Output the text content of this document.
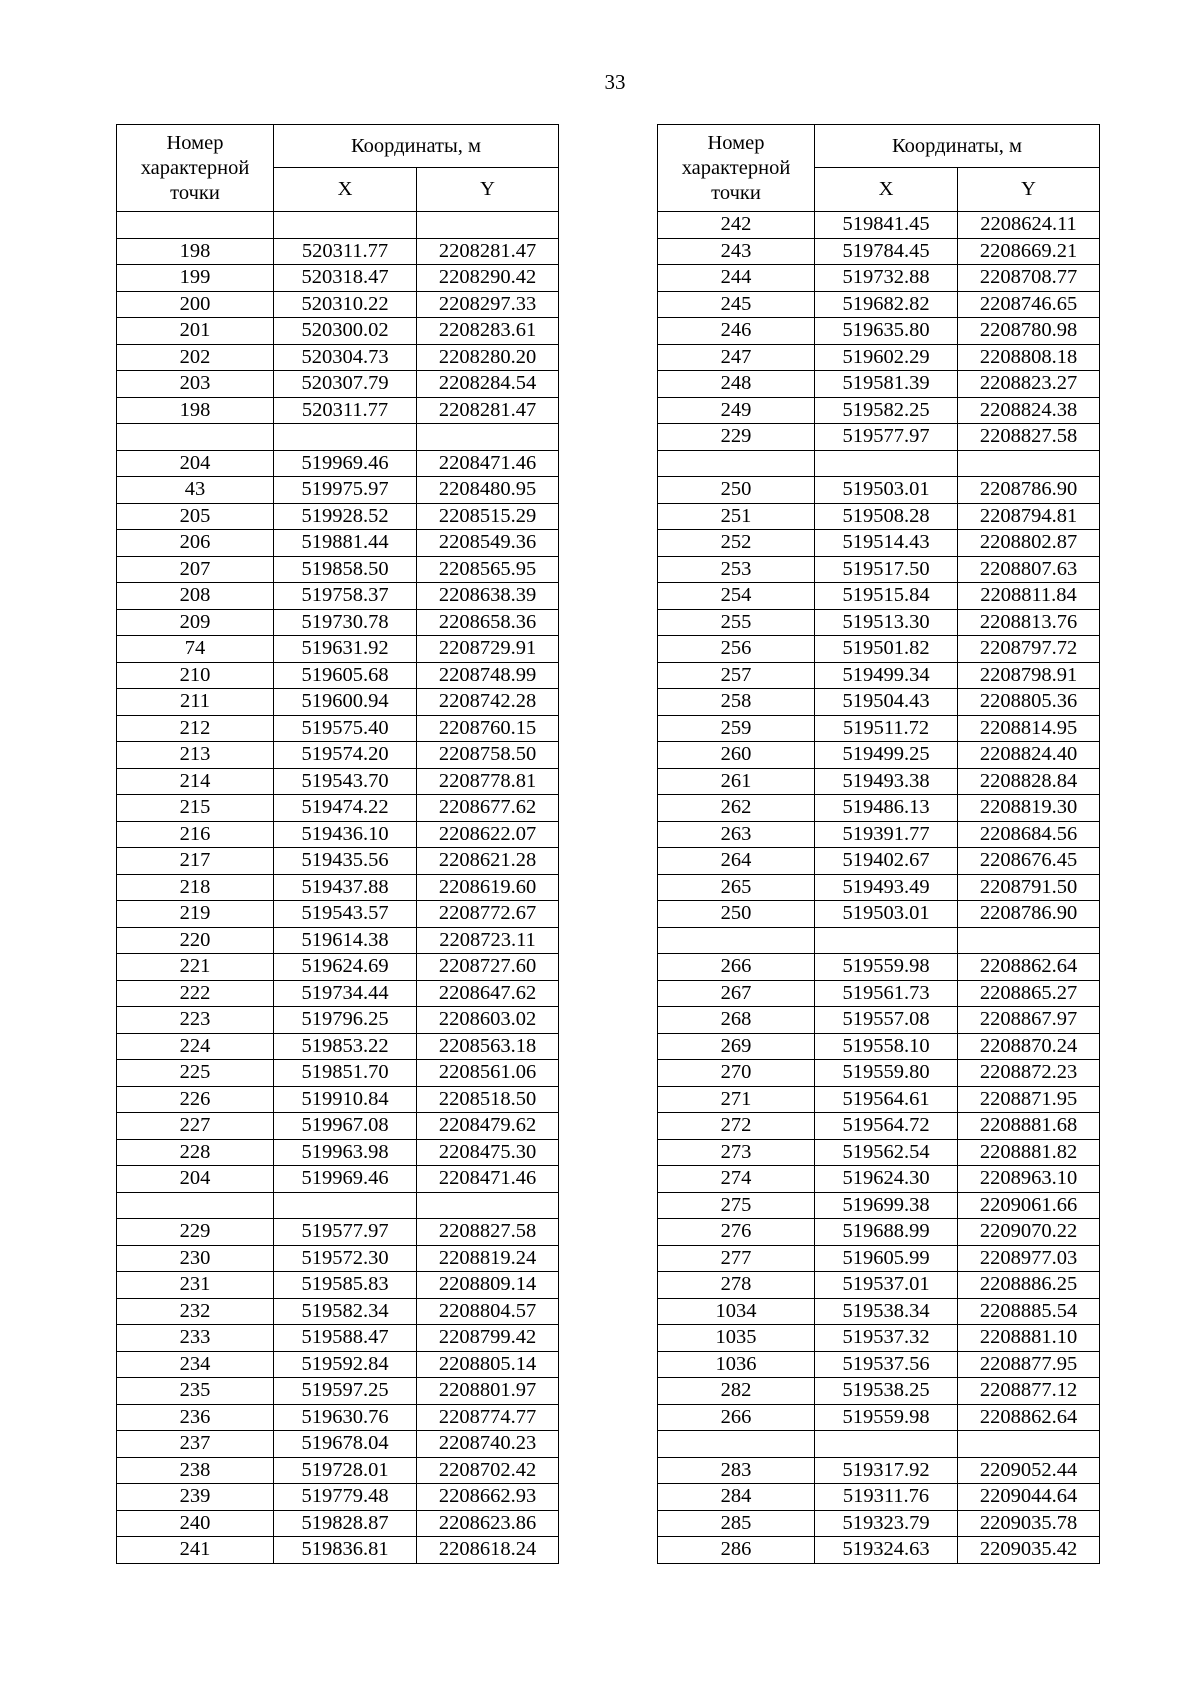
33
Номер
характерной
точки	Координаты, м	
	X	Y

198	520311.77	2208281.47
199	520318.47	2208290.42
200	520310.22	2208297.33
201	520300.02	2208283.61
202	520304.73	2208280.20
203	520307.79	2208284.54
198	520311.77	2208281.47

204	519969.46	2208471.46
43	519975.97	2208480.95
205	519928.52	2208515.29
206	519881.44	2208549.36
207	519858.50	2208565.95
208	519758.37	2208638.39
209	519730.78	2208658.36
74	519631.92	2208729.91
210	519605.68	2208748.99
211	519600.94	2208742.28
212	519575.40	2208760.15
213	519574.20	2208758.50
214	519543.70	2208778.81
215	519474.22	2208677.62
216	519436.10	2208622.07
217	519435.56	2208621.28
218	519437.88	2208619.60
219	519543.57	2208772.67
220	519614.38	2208723.11
221	519624.69	2208727.60
222	519734.44	2208647.62
223	519796.25	2208603.02
224	519853.22	2208563.18
225	519851.70	2208561.06
226	519910.84	2208518.50
227	519967.08	2208479.62
228	519963.98	2208475.30
204	519969.46	2208471.46

229	519577.97	2208827.58
230	519572.30	2208819.24
231	519585.83	2208809.14
232	519582.34	2208804.57
233	519588.47	2208799.42
234	519592.84	2208805.14
235	519597.25	2208801.97
236	519630.76	2208774.77
237	519678.04	2208740.23
238	519728.01	2208702.42
239	519779.48	2208662.93
240	519828.87	2208623.86
241	519836.81	2208618.24
Номер
характерной
точки	Координаты, м	
	X	Y
242	519841.45	2208624.11
243	519784.45	2208669.21
244	519732.88	2208708.77
245	519682.82	2208746.65
246	519635.80	2208780.98
247	519602.29	2208808.18
248	519581.39	2208823.27
249	519582.25	2208824.38
229	519577.97	2208827.58

250	519503.01	2208786.90
251	519508.28	2208794.81
252	519514.43	2208802.87
253	519517.50	2208807.63
254	519515.84	2208811.84
255	519513.30	2208813.76
256	519501.82	2208797.72
257	519499.34	2208798.91
258	519504.43	2208805.36
259	519511.72	2208814.95
260	519499.25	2208824.40
261	519493.38	2208828.84
262	519486.13	2208819.30
263	519391.77	2208684.56
264	519402.67	2208676.45
265	519493.49	2208791.50
250	519503.01	2208786.90

266	519559.98	2208862.64
267	519561.73	2208865.27
268	519557.08	2208867.97
269	519558.10	2208870.24
270	519559.80	2208872.23
271	519564.61	2208871.95
272	519564.72	2208881.68
273	519562.54	2208881.82
274	519624.30	2208963.10
275	519699.38	2209061.66
276	519688.99	2209070.22
277	519605.99	2208977.03
278	519537.01	2208886.25
1034	519538.34	2208885.54
1035	519537.32	2208881.10
1036	519537.56	2208877.95
282	519538.25	2208877.12
266	519559.98	2208862.64

283	519317.92	2209052.44
284	519311.76	2209044.64
285	519323.79	2209035.78
286	519324.63	2209035.42
